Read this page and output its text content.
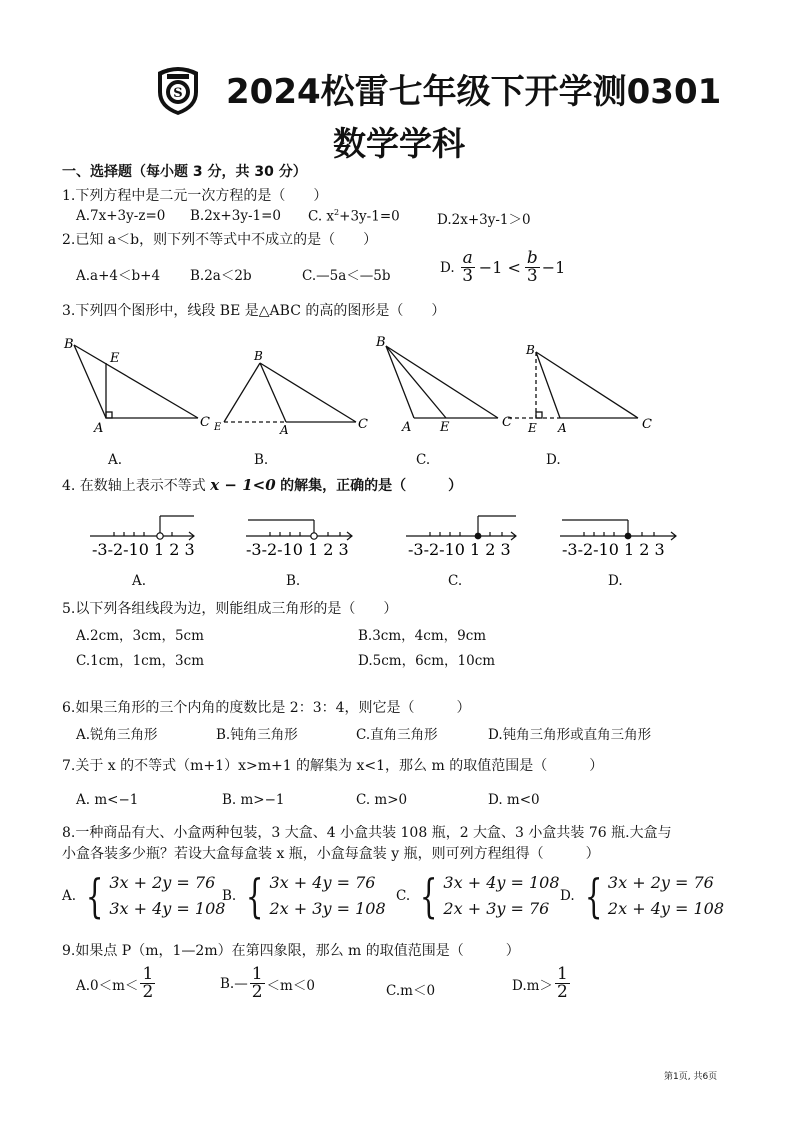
S 2024松雷七年级下开学测0301
数学学科
一、选择题（每小题 3 分，共 30 分）
1.下列方程中是二元一次方程的是（　　）
A.7x+3y-z=0 B.2x+3y-1=0 C. $x^2+3y-1=0$	D.2x+3y-1＞0
2.已知 a＜b，则下列不等式中不成立的是（　　）
A.a+4＜b+4 B.2a＜2b	C.—5a＜—5b
D. $\frac{a}{3} -1 < \frac{b}{3} -1$
3.下列四个图形中，线段 BE 是△ABC 的高的图形是（　　）
B
E
A	C
B
E	A	C
B
A E	C
B
E A	C
A.	B.	C.	D.
4. 在数轴上表示不等式 x − 1<0 的解集，正确的是（　　　）
-3-2-10 1 2 3	-3-2-10 1 2 3	-3-2-10 1 2 3	-3-2-10 1 2 3
A.	B.	C.	D.
5.以下列各组线段为边，则能组成三角形的是（　　）
A.2cm，3cm，5cm	B.3cm，4cm，9cm
C.1cm，1cm，3cm	D.5cm，6cm，10cm
6.如果三角形的三个内角的度数比是 2：3：4，则它是（　　　）
A.锐角三角形	B.钝角三角形	C.直角三角形	D.钝角三角形或直角三角形
7.关于 x 的不等式（m+1）x>m+1 的解集为 x<1，那么 m 的取值范围是（　　　）
A. m<−1	B. m>−1	C. m>0	D. m<0
8.一种商品有大、小盒两种包装，3 大盒、4 小盒共装 108 瓶，2 大盒、3 小盒共装 76 瓶.大盒与
小盒各装多少瓶？若设大盒每盒装 x 瓶，小盒每盒装 y 瓶，则可列方程组得（　　　）
A. { 3x + 2y = 76
3x + 4y = 108
B. { 3x + 4y = 76
2x + 3y = 108
C. { 3x + 4y = 108
2x + 3y = 76
D. { 3x + 2y = 76
2x + 4y = 108
9.如果点 P（m，1—2m）在第四象限，那么 m 的取值范围是（　　　）
$A.0<m< \frac{1}{2}$	B.— $\frac{1}{2} <m<0$	C.m＜0	$D.m> \frac{1}{2}$
第1页, 共6页
